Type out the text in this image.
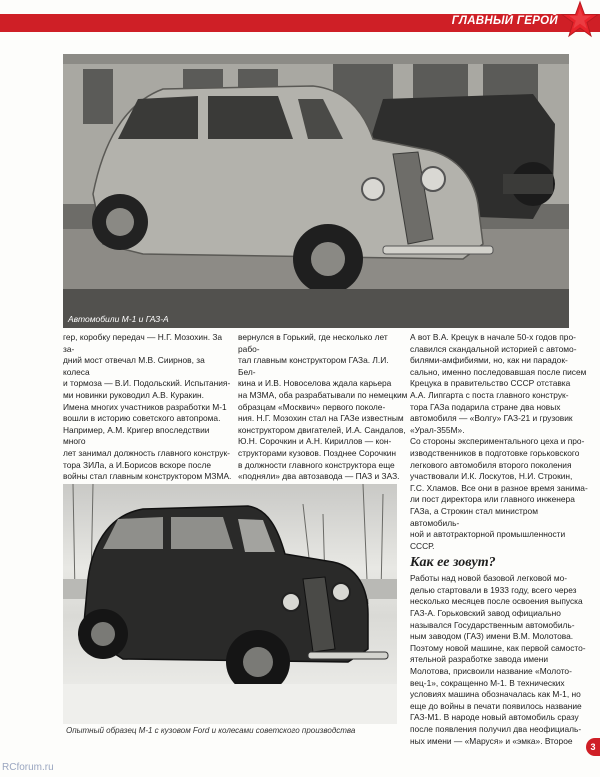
ГЛАВНЫЙ ГЕРОЙ
Автомобили М-1 и ГАЗ-А

гер, коробку передач — Н.Г. Мозохин. За за-

дний мост отвечал М.В. Сиирнов, за колеса

и тормоза — В.И. Подольский. Испытания-

ми новинки руководил А.В. Куракин.

Имена многих участников разработки М-1

вошли в историю советского автопрома.

Например, А.М. Кригер впоследствии много

лет занимал должность главного конструк-

тора ЗИЛа, а И.Борисов вскоре после

войны стал главным конструктором МЗМА.

вернулся в Горький, где несколько лет рабо-

тал главным конструктором ГАЗа. Л.И. Бел-

кина и И.В. Новоселова ждала карьера

на МЗМА, оба разрабатывали по немецким

образцам «Москвич» первого поколе-

ния. Н.Г. Мозохин стал на ГАЗе известным

конструктором двигателей, И.А. Сандалов,

Ю.Н. Сорочкин и А.Н. Кириллов — кон-

структорами кузовов. Позднее Сорочкин

в должности главного конструктора еще

«подняли» два автозавода — ПАЗ и ЗАЗ.

А вот В.А. Крецук в начале 50-х годов про-

славился скандальной историей с автомо-

билями-амфибиями, но, как ни парадок-

сально, именно последовавшая после писем

Крецука в правительство СССР отставка

А.А. Липгарта с поста главного конструк-

тора ГАЗа подарила стране два новых

автомобиля — «Волгу» ГАЗ-21 и грузовик

«Урал-355М».

Со стороны экспериментального цеха и про-

изводственников в подготовке горьковского

легкового автомобиля второго поколения

участвовали И.К. Лоскутов, Н.И. Строкин,

Г.С. Хламов. Все они в разное время занима-

ли пост директора или главного инженера

ГАЗа, а Строкин стал министром автомобиль-

ной и автотракторной промышленности СССР.

Как ее зовут?

Работы над новой базовой легковой мо-

делью стартовали в 1933 году, всего через

несколько месяцев после освоения выпуска

ГАЗ-А. Горьковский завод официально

назывался Государственным автомобиль-

ным заводом (ГАЗ) имени В.М. Молотова.

Поэтому новой машине, как первой самосто-

ятельной разработке завода имени

Молотова, присвоили название «Молото-

вец-1», сокращенно М-1. В технических

условиях машина обозначалась как М-1, но

еще до войны в печати появилось название

ГАЗ-М1. В народе новый автомобиль сразу

после появления получил два неофициаль-

ных имени — «Маруся» и «эмка». Второе

Опытный образец М-1 с кузовом Ford и колесами советского производства
RCforum.ru
3
